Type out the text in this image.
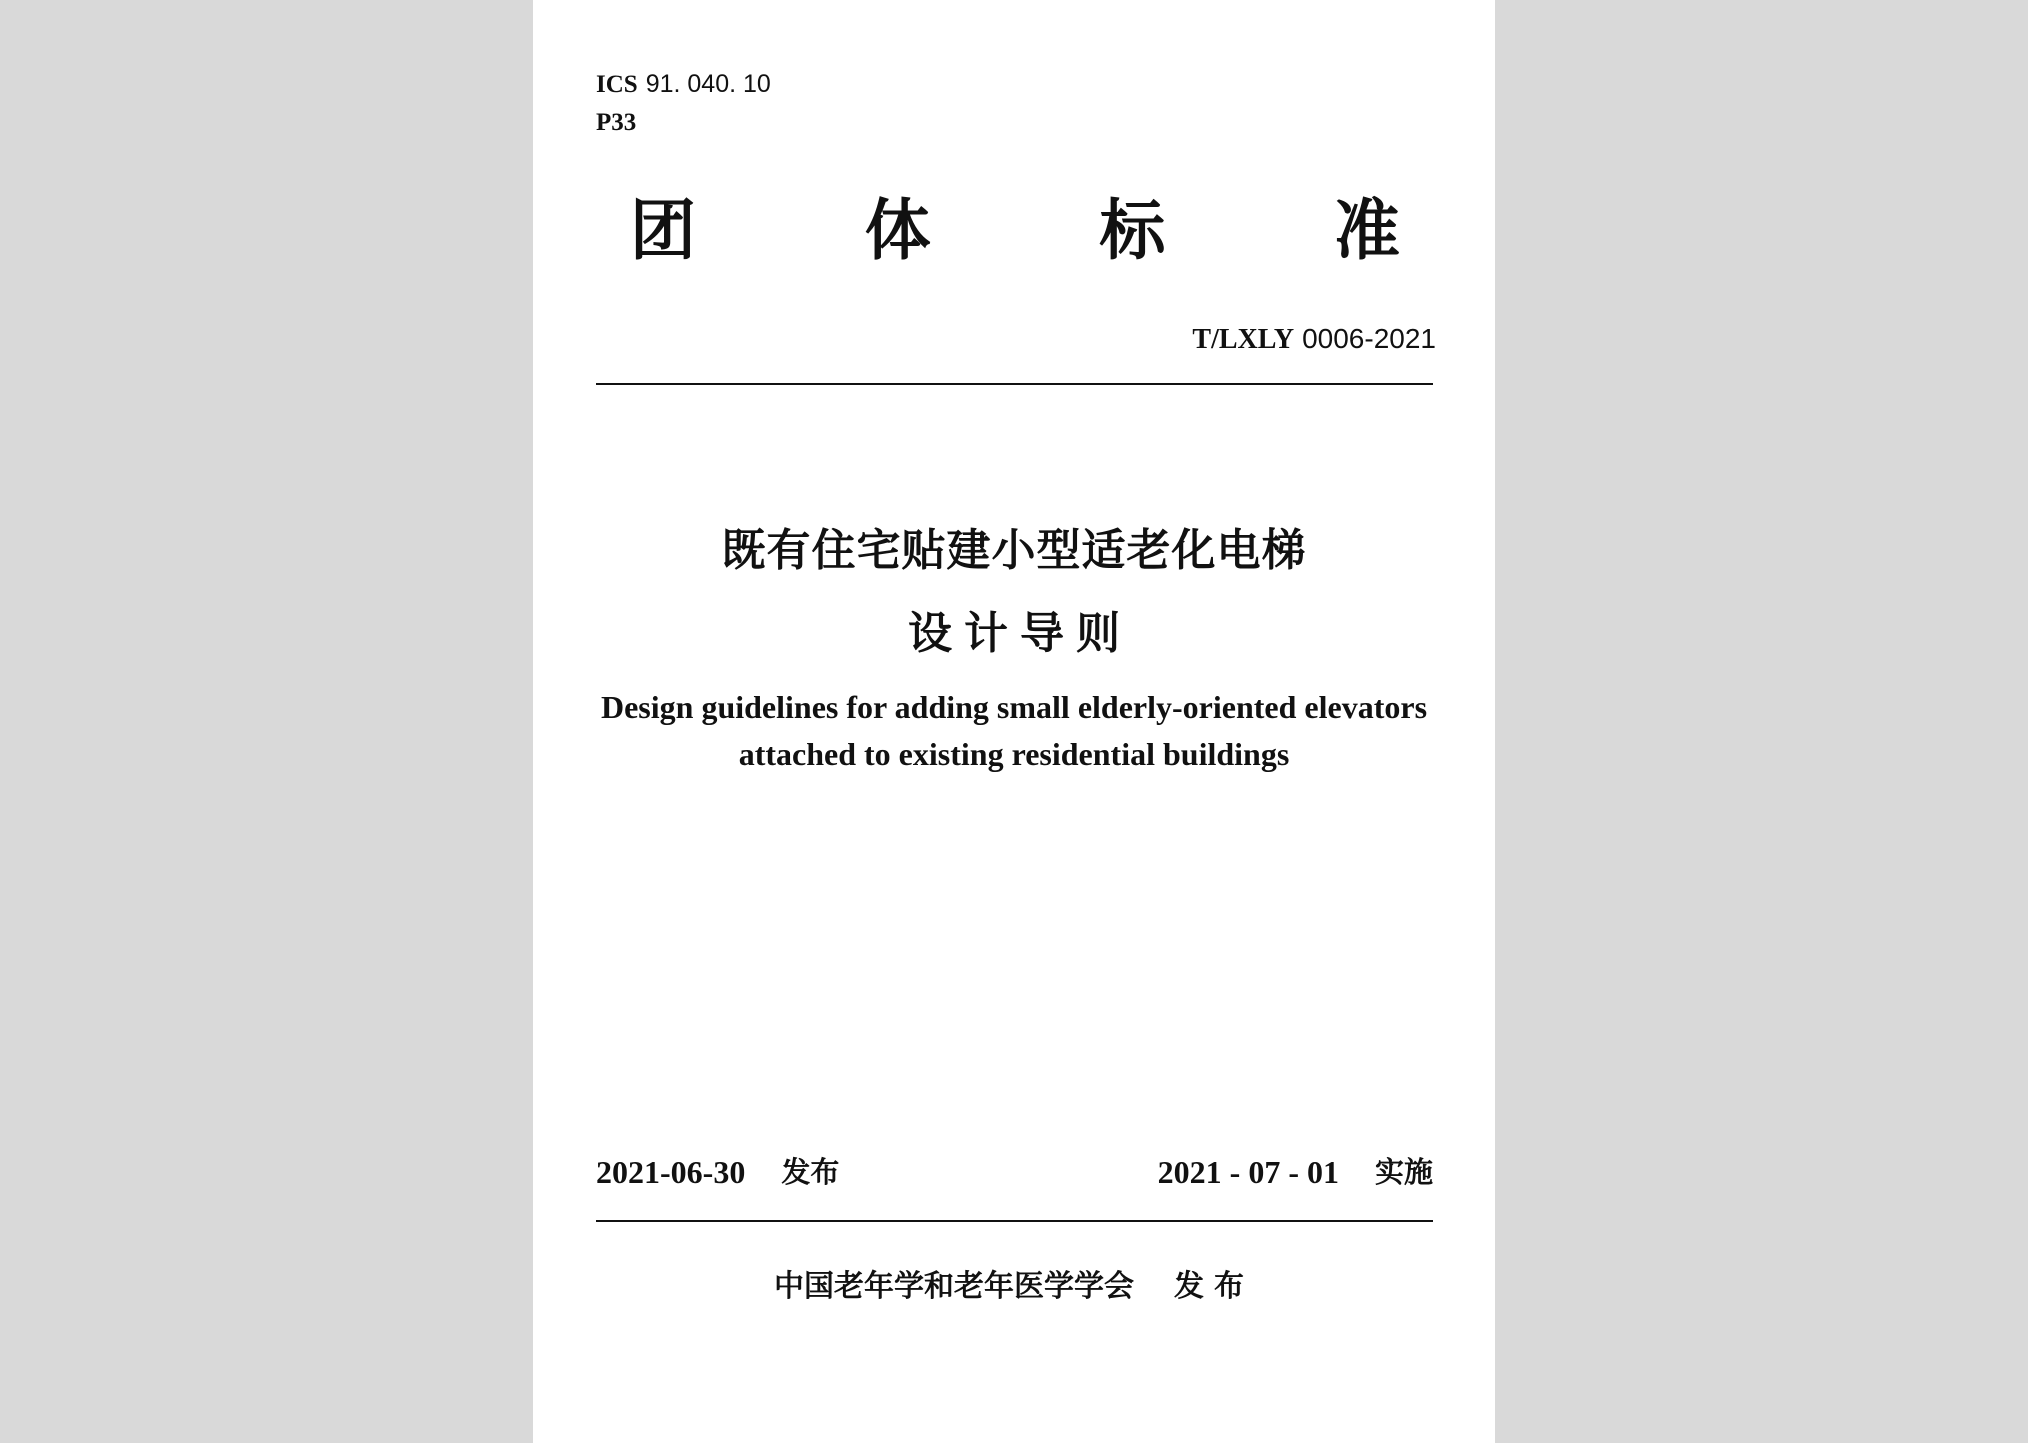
ICS 91. 040. 10
P33
团	体	标	准
T/LXLY 0006-2021
既有住宅贴建小型适老化电梯
设计导则
Design guidelines for adding small elderly-oriented elevators
attached to existing residential buildings
2021-06-30 发布	2021 - 07 - 01 实施
中国老年学和老年医学学会 发布
